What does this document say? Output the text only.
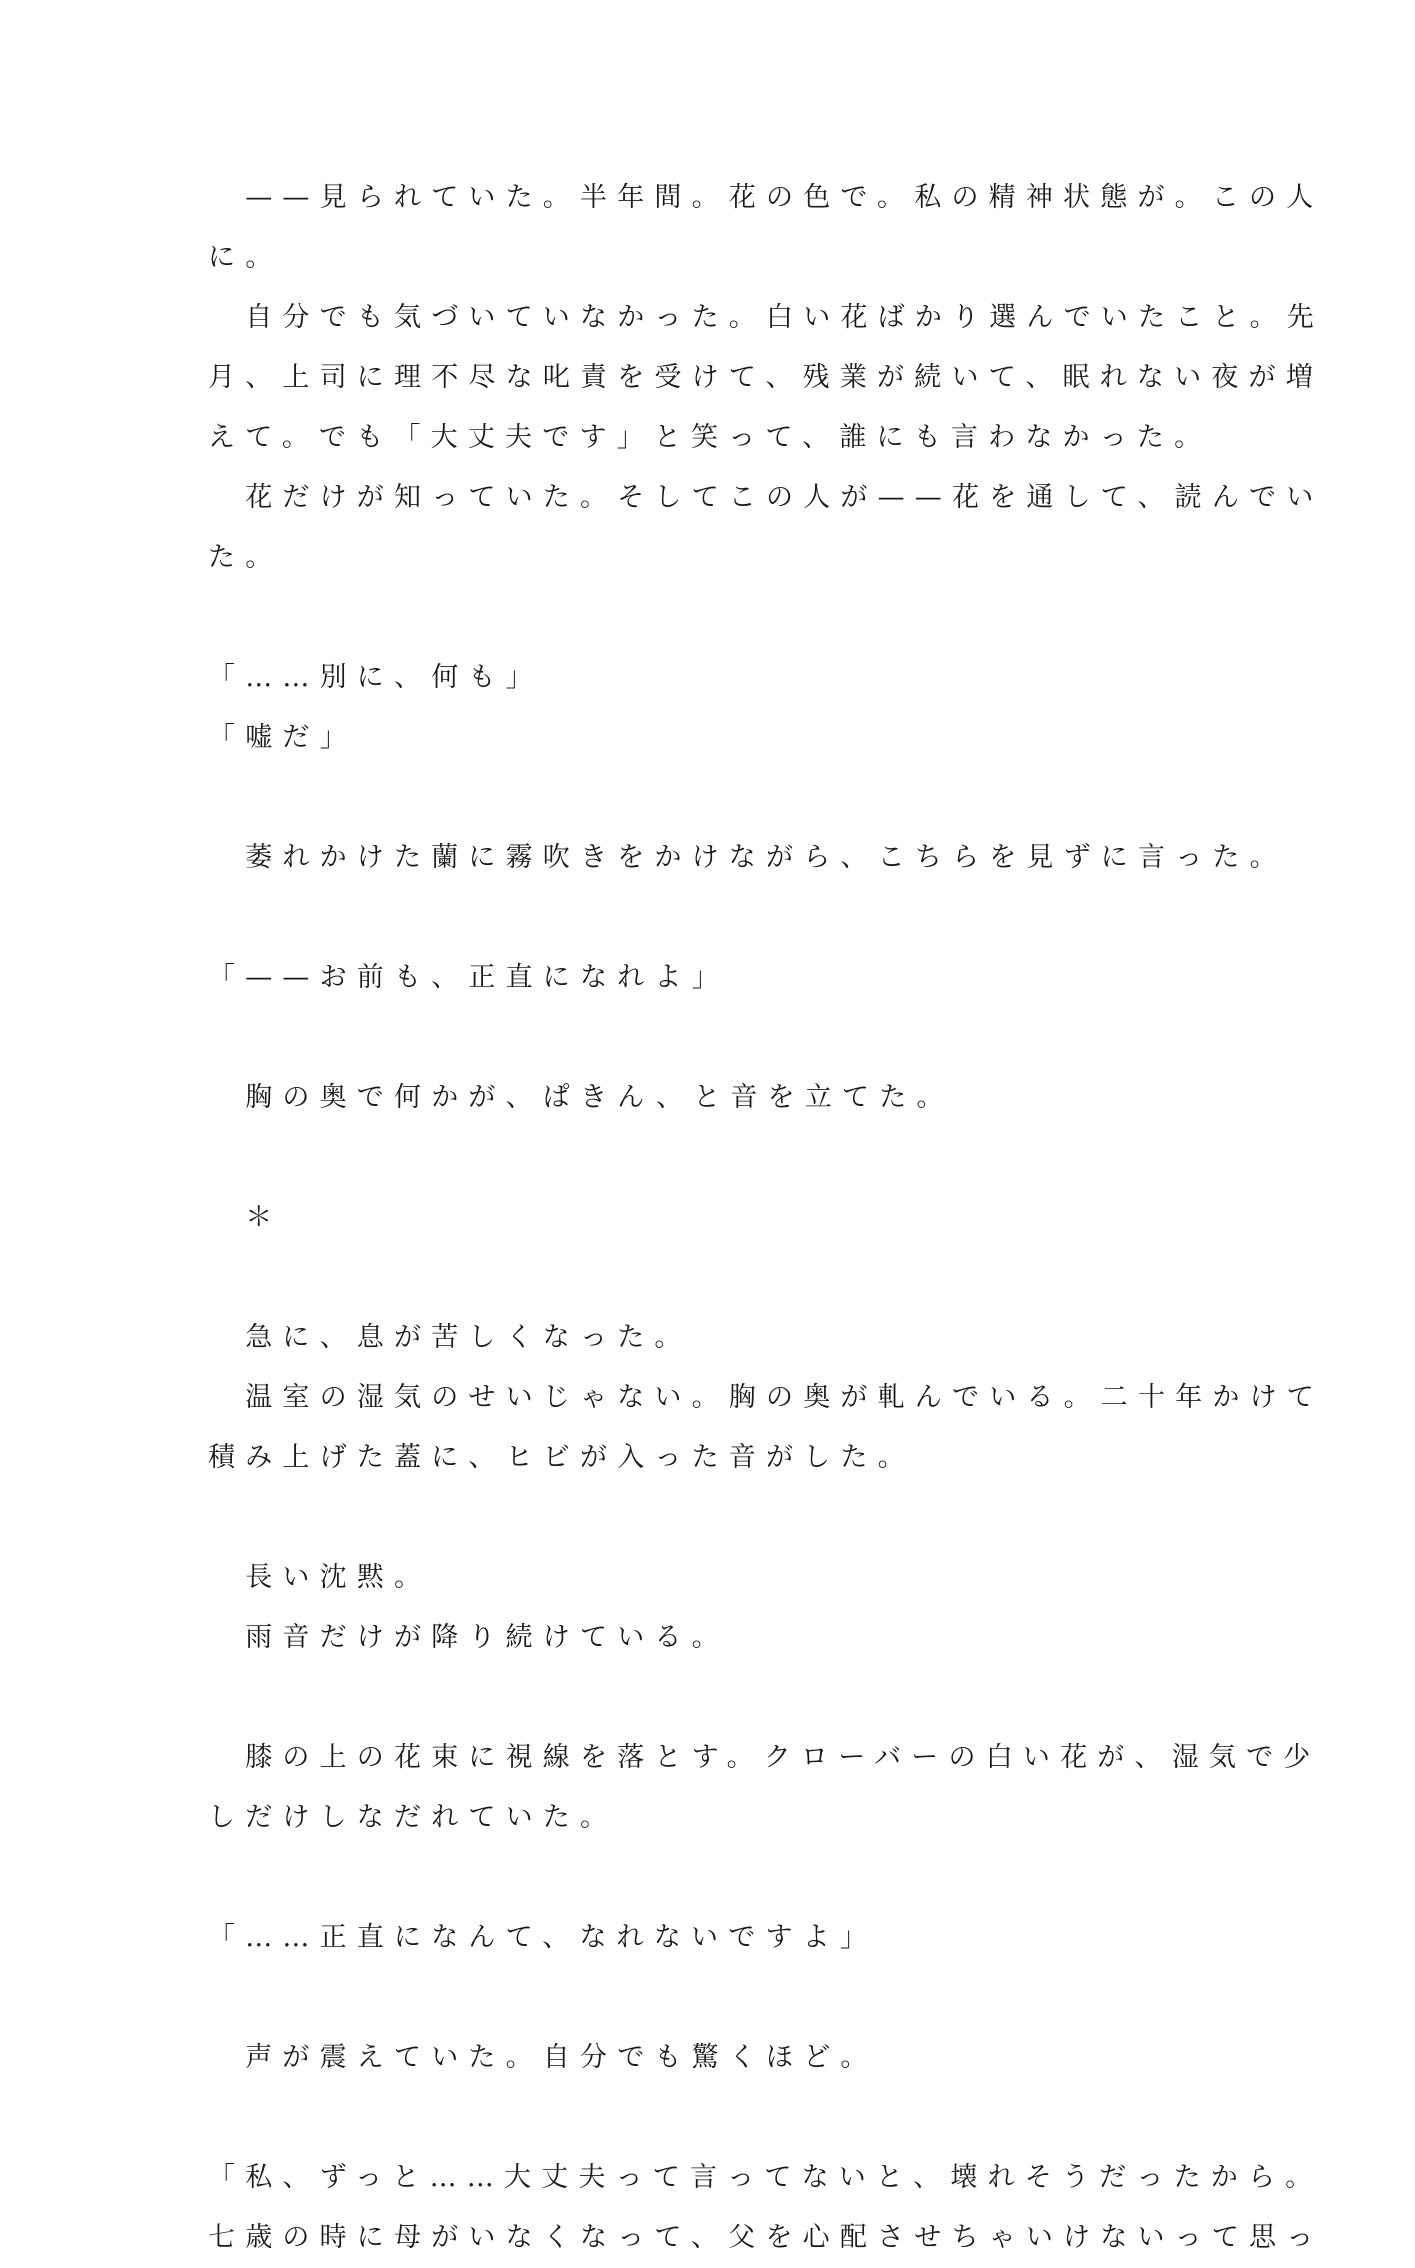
　——見られていた。半年間。花の色で。私の精神状態が。この人
に。
　自分でも気づいていなかった。白い花ばかり選んでいたこと。先
月、上司に理不尽な叱責を受けて、残業が続いて、眠れない夜が増
えて。でも「大丈夫です」と笑って、誰にも言わなかった。
　花だけが知っていた。そしてこの人が——花を通して、読んでい
た。
「……別に、何も」
「嘘だ」
　萎れかけた蘭に霧吹きをかけながら、こちらを見ずに言った。
「——お前も、正直になれよ」
　胸の奥で何かが、ぱきん、と音を立てた。
　＊
　急に、息が苦しくなった。
　温室の湿気のせいじゃない。胸の奥が軋んでいる。二十年かけて
積み上げた蓋に、ヒビが入った音がした。
　長い沈黙。
　雨音だけが降り続けている。
　膝の上の花束に視線を落とす。クローバーの白い花が、湿気で少
しだけしなだれていた。
「……正直になんて、なれないですよ」
　声が震えていた。自分でも驚くほど。
「私、ずっと……大丈夫って言ってないと、壊れそうだったから。
七歳の時に母がいなくなって、父を心配させちゃいけないって思っ
